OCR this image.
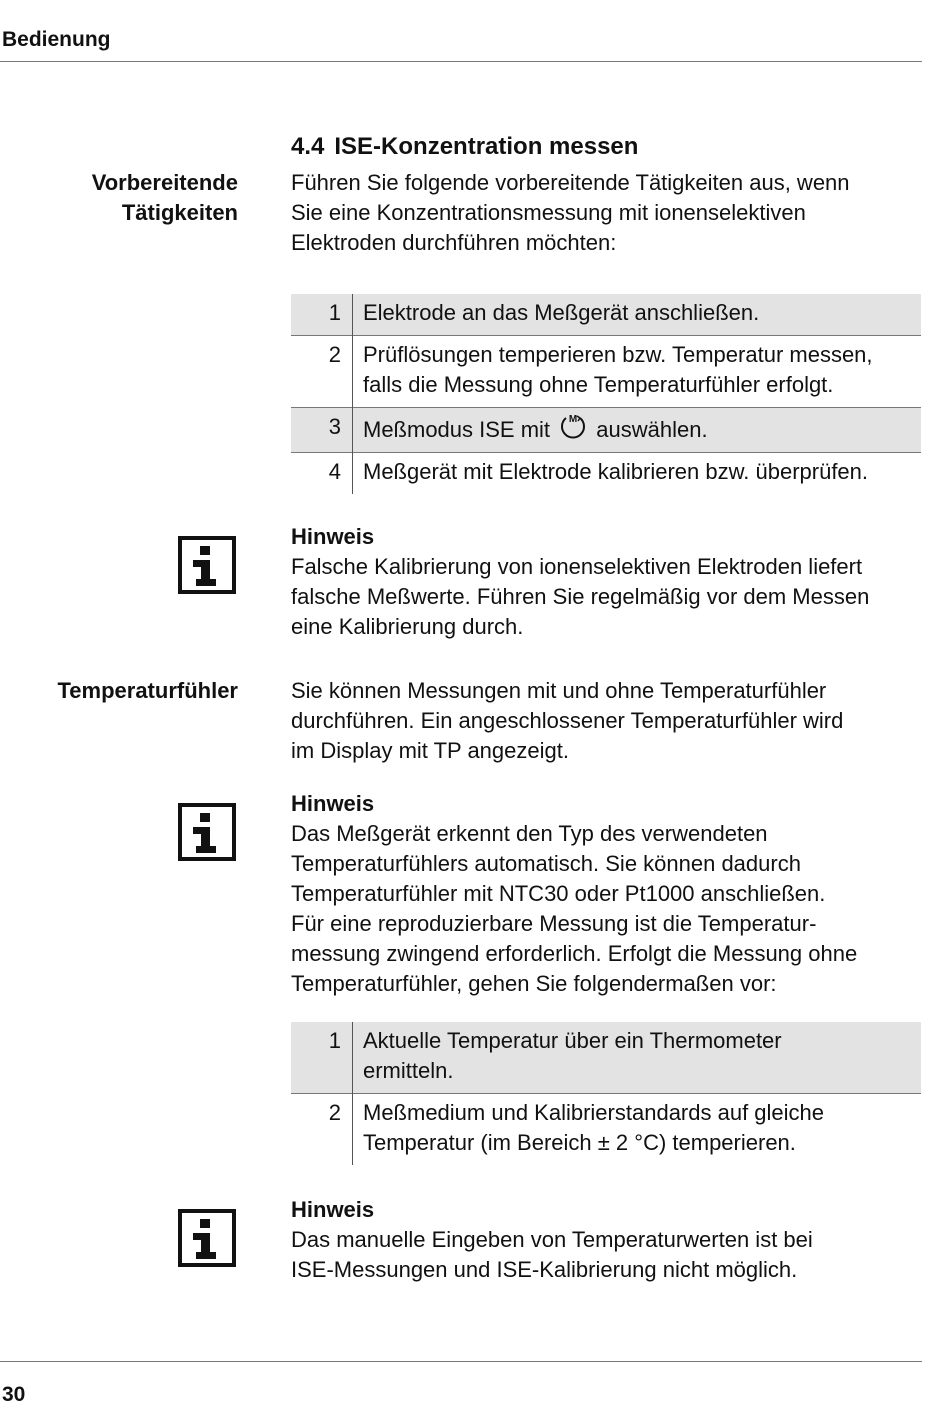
Bedienung
4.4 ISE-Konzentration messen
Vorbereitende
Tätigkeiten

Führen Sie folgende vorbereitende Tätigkeiten aus, wenn

Sie eine Konzentrationsmessung mit ionenselektiven

Elektroden durchführen möchten:

1	Elektrode an das Meßgerät anschließen.

2	Prüflösungen temperieren bzw. Temperatur messen,
falls die Messung ohne Temperaturfühler erfolgt.

3	Meßmodus ISE mit M auswählen.
4	Meßgerät mit Elektrode kalibrieren bzw. überprüfen.

Hinweis

Falsche Kalibrierung von ionenselektiven Elektroden liefert

falsche Meßwerte. Führen Sie regelmäßig vor dem Messen

eine Kalibrierung durch.

Temperaturfühler Sie können Messungen mit und ohne Temperaturfühler

durchführen. Ein angeschlossener Temperaturfühler wird

im Display mit TP angezeigt.

Hinweis

Das Meßgerät erkennt den Typ des verwendeten

Temperaturfühlers automatisch. Sie können dadurch

Temperaturfühler mit NTC30 oder Pt1000 anschließen.

Für eine reproduzierbare Messung ist die Temperatur-

messung zwingend erforderlich. Erfolgt die Messung ohne

Temperaturfühler, gehen Sie folgendermaßen vor:

1	Aktuelle Temperatur über ein Thermometer
ermitteln.

2	Meßmedium und Kalibrierstandards auf gleiche
Temperatur (im Bereich ± 2 °C) temperieren.

Hinweis

Das manuelle Eingeben von Temperaturwerten ist bei

ISE-Messungen und ISE-Kalibrierung nicht möglich.

30
